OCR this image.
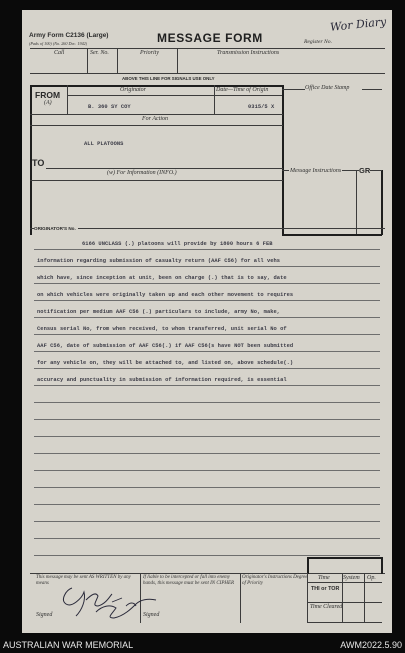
Army Form C2136 (Large)
(Pads of 100) (No. 260 Dec. 1942)	MESSAGE FORM	Register No.
Wor Diary
Call	Ser. No.	Priority	Transmission Instructions
ABOVE THIS LINE FOR SIGNALS USE ONLY
FROM
(A)
Originator	Date—Time of Origin
B. 360 SY COY	0315/5 X
For Action
ALL PLATOONS
TO
(w) For Information (INFO.)
Office Date Stamp
Message Instructions GR
ORIGINATOR'S No.
6166 UNCLASS (.) platoons will provide by 1800 hours 6 FEB
information regarding submission of casualty return (AAF C56) for all vehs
which have, since inception at unit, been on charge (.) that is to say, date
on which vehicles were originally taken up and each other movement to requires
notification per medium AAF C56 (.) particulars to include, army No, make,
Census serial No, from when received, to whom transferred, unit serial No of
AAF C56, date of submission of AAF C56(.) if AAF C56(s have NOT been submitted
for any vehicle on, they will be attached to, and listed on, above schedule(.)
accuracy and punctuality in submission of information required, is essential
This message may be sent AS WRITTEN by any means
If liable to be intercepted or fall into enemy hands, this message must be sent IN CIPHER
Originator's Instructions Degree of Priority
Time System Op.
THI or TOR
Time Cleared
Signed	Signed
AUSTRALIAN WAR MEMORIAL	AWM2022.5.90
